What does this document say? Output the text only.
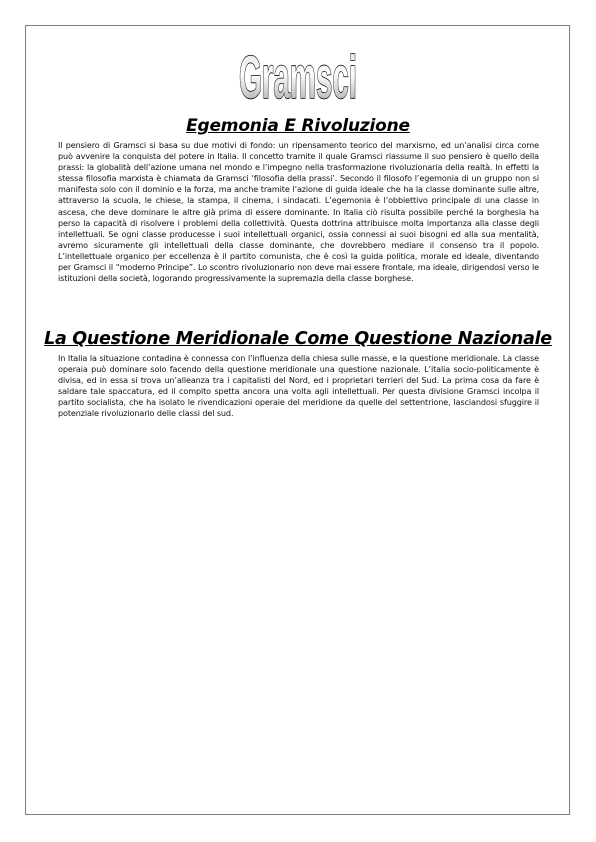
Gramsci
Egemonia E Rivoluzione

Il pensiero di Gramsci si basa su due motivi di fondo: un ripensamento teorico del marxismo, ed un’analisi circa come può avvenire la conquista del potere in Italia. Il concetto tramite il quale Gramsci riassume il suo pensiero è quello della prassi: la globalità dell’azione umana nel mondo e l’impegno nella trasformazione rivoluzionaria della realtà. In effetti la stessa filosofia marxista è chiamata da Gramsci ‘filosofia della prassi’. Secondo il filosofo l’egemonia di un gruppo non si manifesta solo con il dominio e la forza, ma anche tramite l’azione di guida ideale che ha la classe dominante sulle altre, attraverso la scuola, le chiese, la stampa, il cinema, i sindacati. L’egemonia è l’obbiettivo principale di una classe in ascesa, che deve dominare le altre già prima di essere dominante. In Italia ciò risulta possibile perché la borghesia ha perso la capacità di risolvere i problemi della collettività. Questa dottrina attribuisce molta importanza alla classe degli intellettuali. Se ogni classe producesse i suoi intellettuali organici, ossia connessi ai suoi bisogni ed alla sua mentalità, avremo sicuramente gli intellettuali della classe dominante, che dovrebbero mediare il consenso tra il popolo. L’intellettuale organico per eccellenza è il partito comunista, che è così la guida politica, morale ed ideale, diventando per Gramsci il “moderno Principe”. Lo scontro rivoluzionario non deve mai essere frontale, ma ideale, dirigendosi verso le istituzioni della società, logorando progressivamente la supremazia della classe borghese.

La Questione Meridionale Come Questione Nazionale

In Italia la situazione contadina è connessa con l’influenza della chiesa sulle masse, e la questione meridionale. La classe operaia può dominare solo facendo della questione meridionale una questione nazionale. L’italia socio-politicamente è divisa, ed in essa si trova un’alleanza tra i capitalisti del Nord, ed i proprietari terrieri del Sud. La prima cosa da fare è saldare tale spaccatura, ed il compito spetta ancora una volta agli intellettuali. Per questa divisione Gramsci incolpa il partito socialista, che ha isolato le rivendicazioni operaie del meridione da quelle del settentrione, lasciandosi sfuggire il potenziale rivoluzionario delle classi del sud.
